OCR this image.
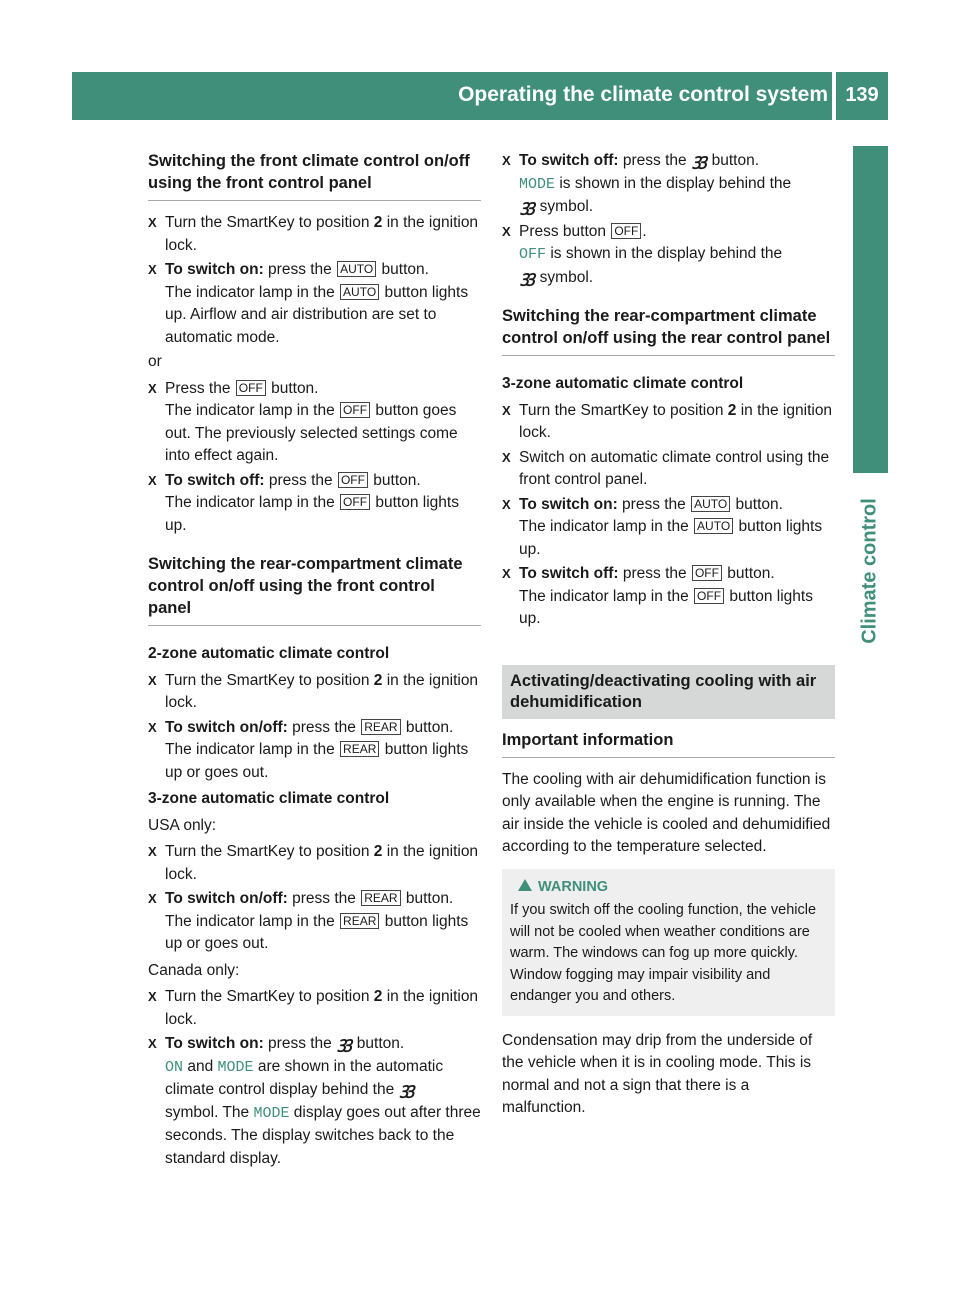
Operating the climate control system 139
Climate control
Switching the front climate control on/off using the front control panel
X Turn the SmartKey to position 2 in the ignition lock.
X To switch on: press the AUTO button.
The indicator lamp in the AUTO button lights up. Airflow and air distribution are set to automatic mode.

or

X Press the OFF button.
The indicator lamp in the OFF button goes out. The previously selected settings come into effect again.
X To switch off: press the OFF button.
The indicator lamp in the OFF button lights up.
Switching the rear-compartment climate control on/off using the front control panel

2-zone automatic climate control

X Turn the SmartKey to position 2 in the ignition lock.
X To switch on/off: press the REAR button.
The indicator lamp in the REAR button lights up or goes out.

3-zone automatic climate control

USA only:

X Turn the SmartKey to position 2 in the ignition lock.
X To switch on/off: press the REAR button.
The indicator lamp in the REAR button lights up or goes out.

Canada only:

X Turn the SmartKey to position 2 in the ignition lock.
X To switch on: press the ꝫꝫ button.
ON and MODE are shown in the automatic climate control display behind the ꝫꝫ
symbol. The MODE display goes out after three seconds. The display switches back to the standard display.
X To switch off: press the ꝫꝫ button.
MODE is shown in the display behind the
ꝫꝫ symbol.
X Press button OFF .
OFF is shown in the display behind the
ꝫꝫ symbol.
Switching the rear-compartment climate control on/off using the rear control panel

3-zone automatic climate control

X Turn the SmartKey to position 2 in the ignition lock.
X Switch on automatic climate control using the front control panel.
X To switch on: press the AUTO button.
The indicator lamp in the AUTO button lights up.
X To switch off: press the OFF button.
The indicator lamp in the OFF button lights up.
Activating/deactivating cooling with air dehumidification
Important information

The cooling with air dehumidification function is only available when the engine is running. The air inside the vehicle is cooled and dehumidified according to the temperature selected.

WARNING

If you switch off the cooling function, the vehicle will not be cooled when weather conditions are warm. The windows can fog up more quickly. Window fogging may impair visibility and endanger you and others.

Condensation may drip from the underside of the vehicle when it is in cooling mode. This is normal and not a sign that there is a malfunction.
